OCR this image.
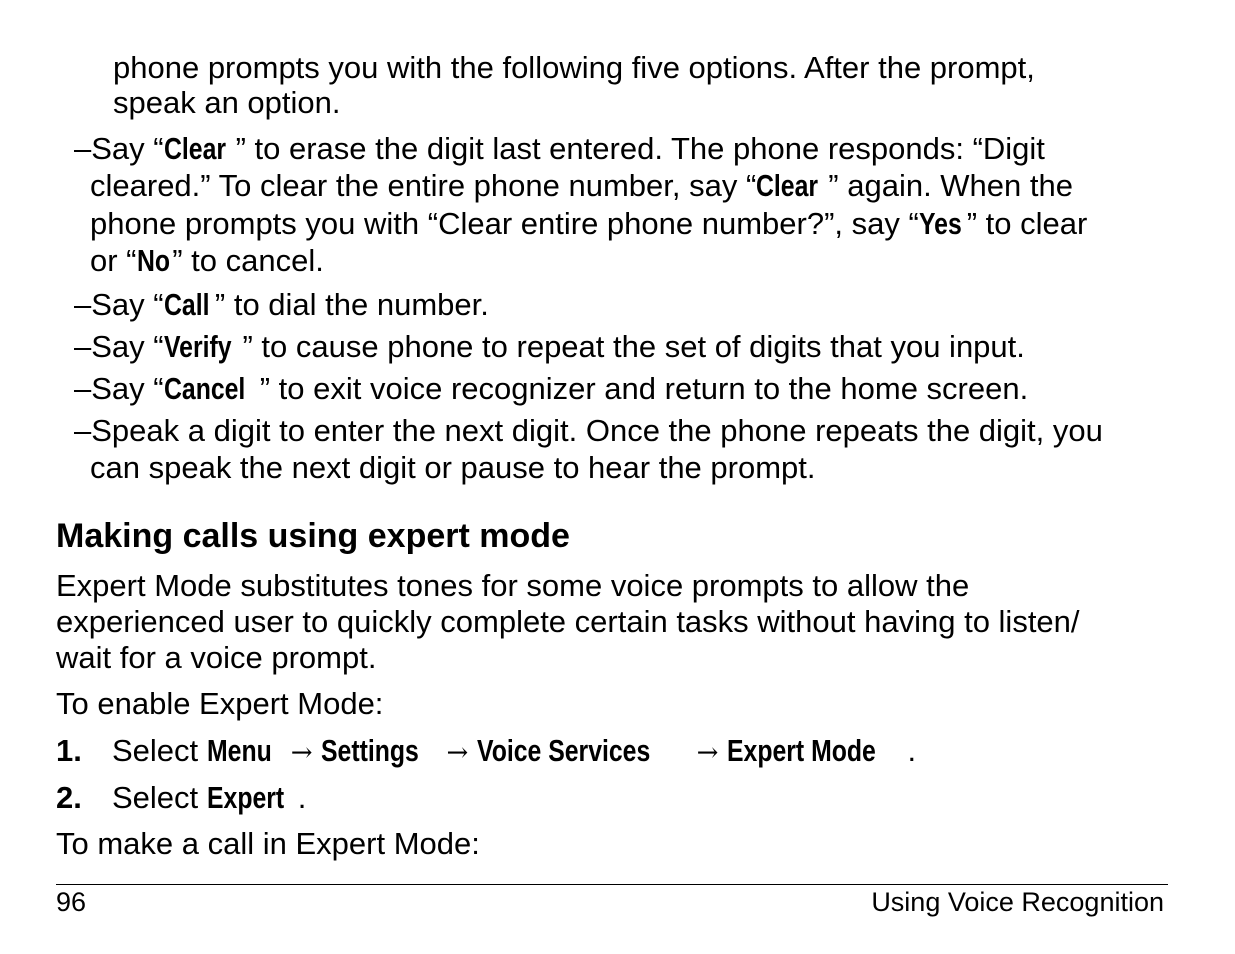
phone prompts you with the following five options. After the prompt,
speak an option.
–Say “Clear ” to erase the digit last entered. The phone responds: “Digit
cleared.” To clear the entire phone number, say “Clear ” again. When the
phone prompts you with “Clear entire phone number?”, say “Yes ” to clear
or “No” to cancel.
–Say “Call ” to dial the number.
–Say “Verify ” to cause phone to repeat the set of digits that you input.
–Say “Cancel ” to exit voice recognizer and return to the home screen.
–Speak a digit to enter the next digit. Once the phone repeats the digit, you
can speak the next digit or pause to hear the prompt.
Making calls using expert mode
Expert Mode substitutes tones for some voice prompts to allow the
experienced user to quickly complete certain tasks without having to listen/
wait for a voice prompt.
To enable Expert Mode:
1. Select Menu → Settings → Voice Services → Expert Mode .
2. Select Expert .
To make a call in Expert Mode:
96	Using Voice Recognition
